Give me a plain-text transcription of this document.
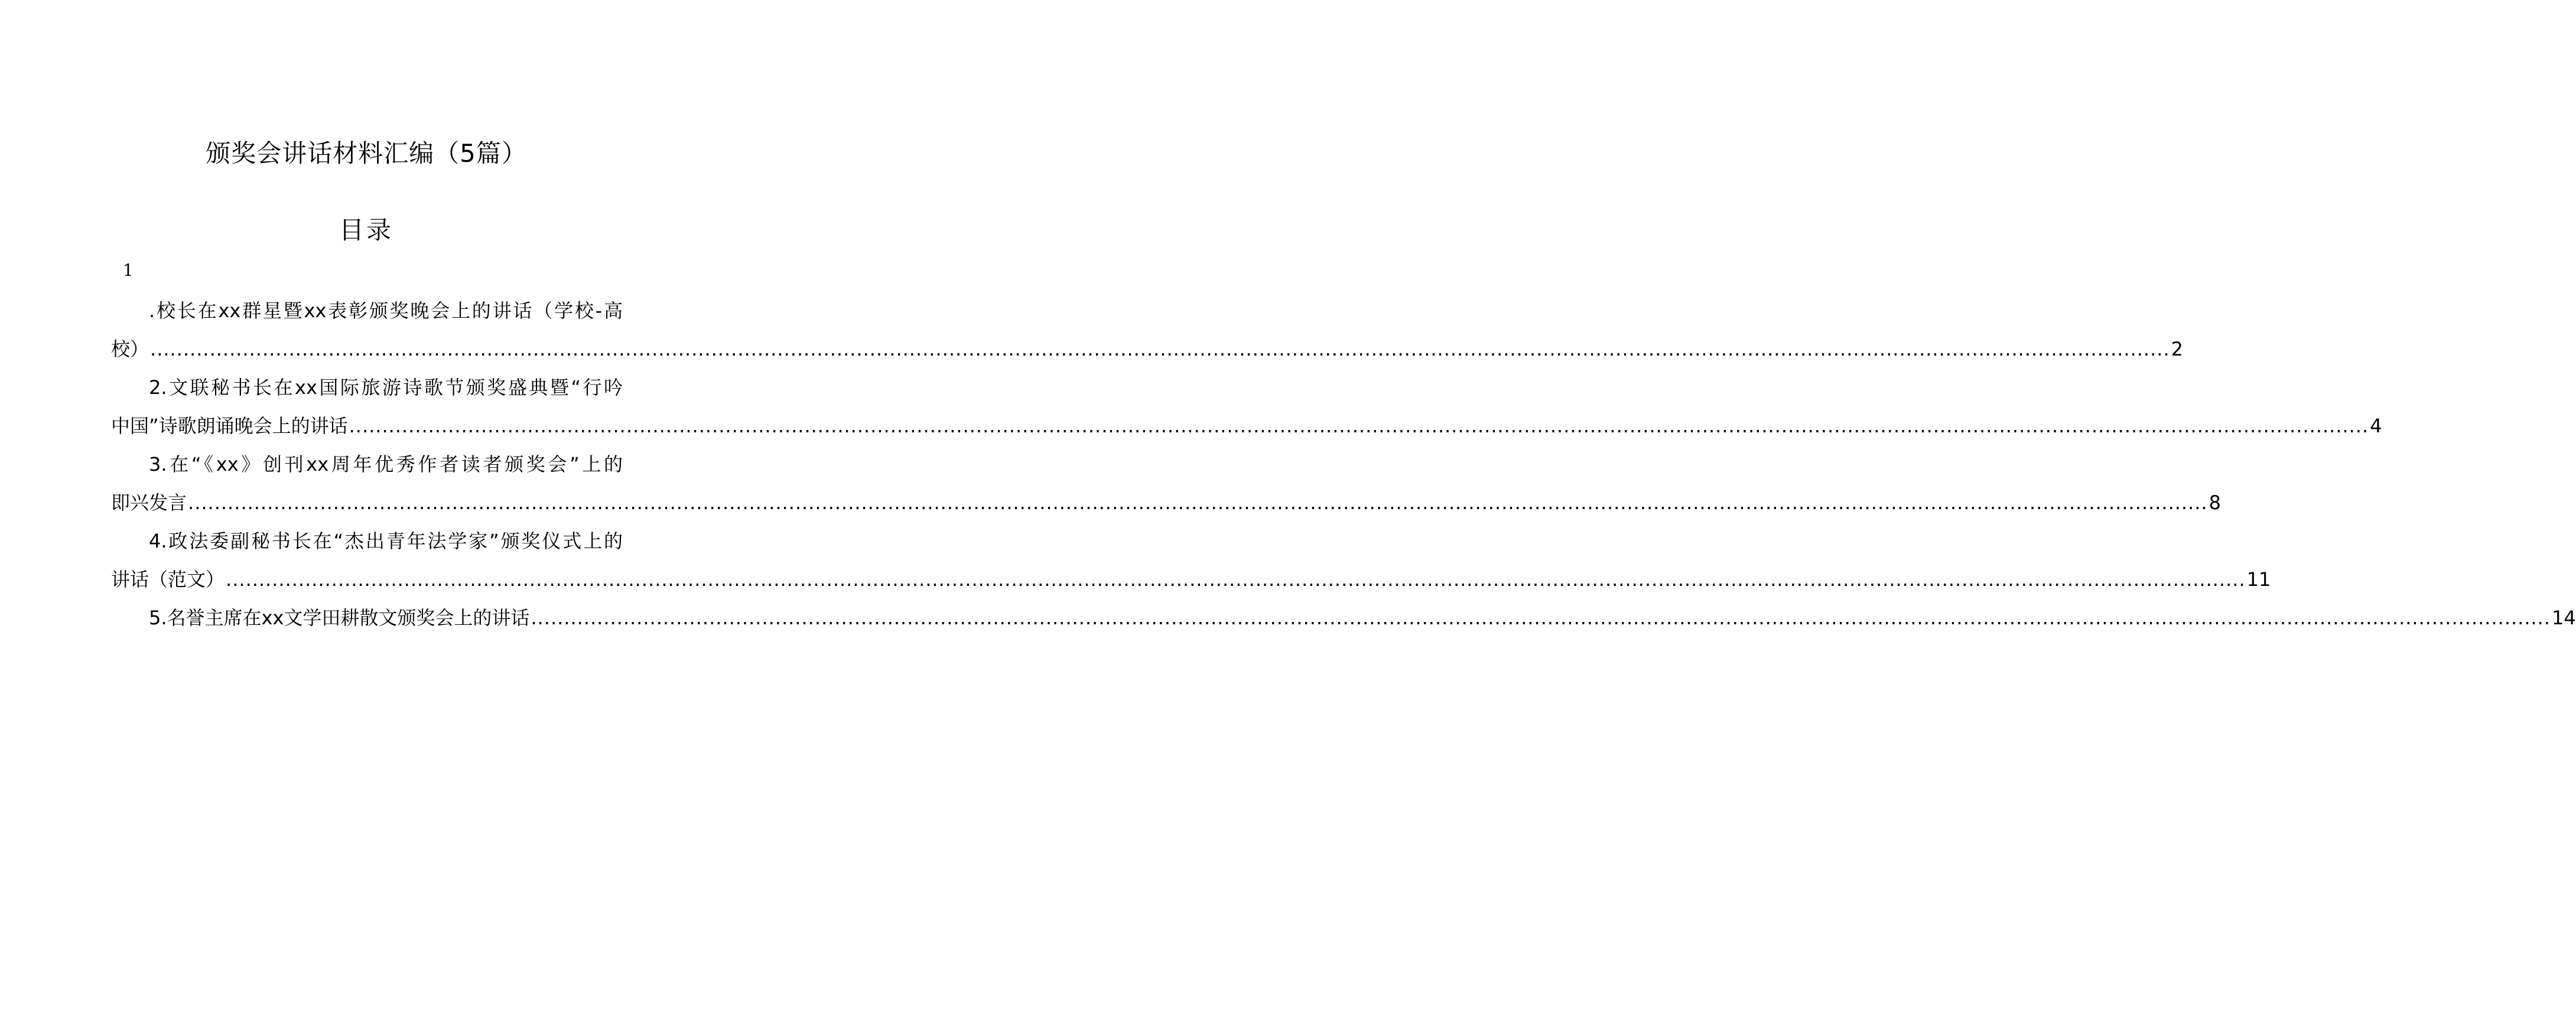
颁奖会讲话材料汇编（5篇）
目录
1
.校长在xx群星暨xx表彰颁奖晚会上的讲话（学校-高
校） .....	2
2.文联秘书长在xx国际旅游诗歌节颁奖盛典暨“行吟
中国”诗歌朗诵晚会上的讲话 .....	4
3.在“《xx》创刊xx周年优秀作者读者颁奖会”上的
即兴发言 .....	8
4.政法委副秘书长在“杰出青年法学家”颁奖仪式上的
讲话（范文） .....	11
5.名誉主席在xx文学田耕散文颁奖会上的讲话 .....	14
